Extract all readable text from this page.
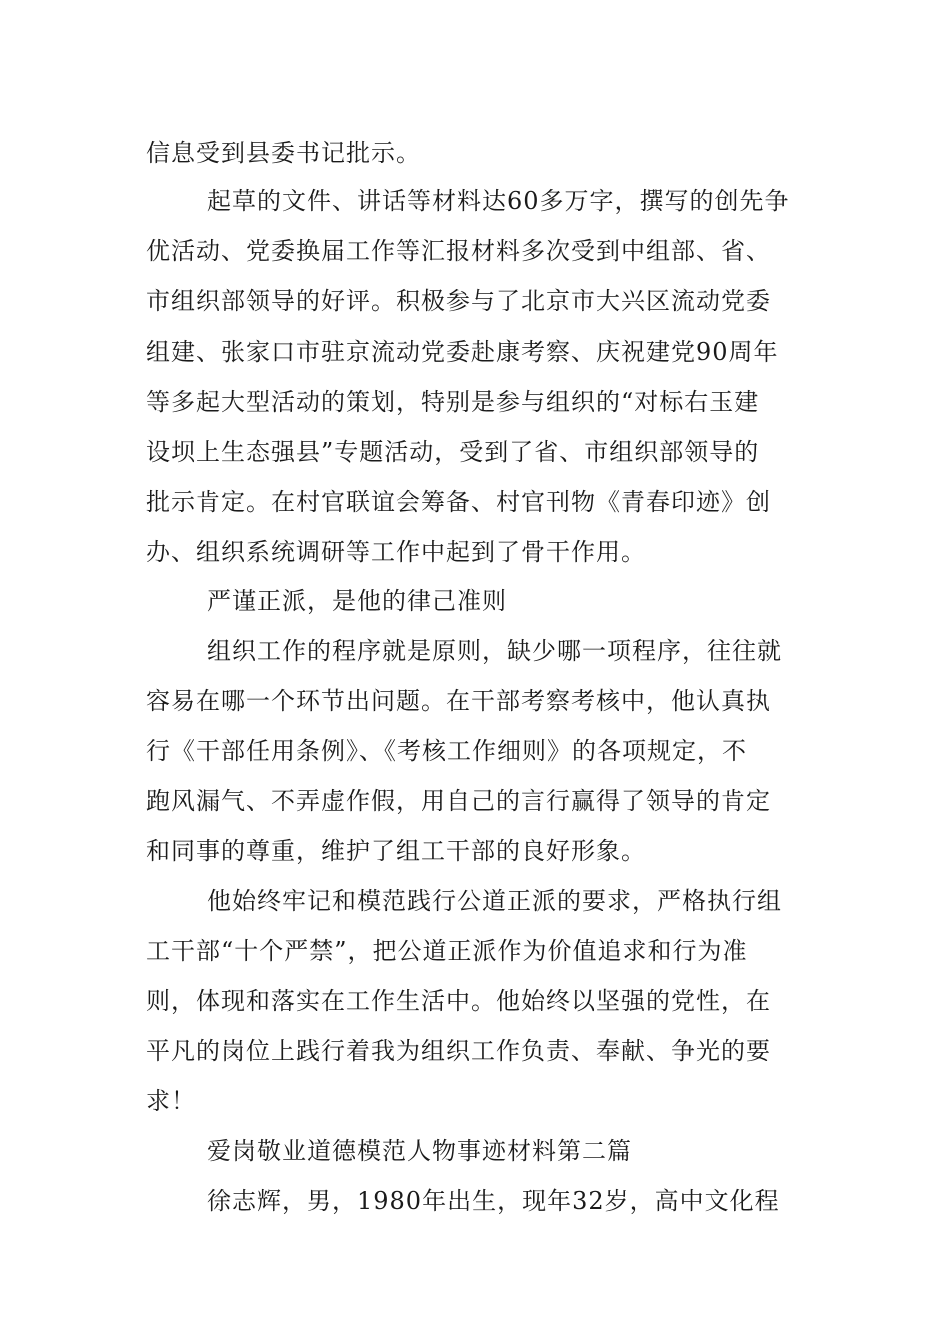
信息受到县委书记批示。
起草的文件、讲话等材料达60多万字，撰写的创先争
优活动、党委换届工作等汇报材料多次受到中组部、省、
市组织部领导的好评。积极参与了北京市大兴区流动党委
组建、张家口市驻京流动党委赴康考察、庆祝建党90周年
等多起大型活动的策划，特别是参与组织的“对标右玉建
设坝上生态强县”专题活动，受到了省、市组织部领导的
批示肯定。在村官联谊会筹备、村官刊物《青春印迹》创
办、组织系统调研等工作中起到了骨干作用。
严谨正派，是他的律己准则
组织工作的程序就是原则，缺少哪一项程序，往往就
容易在哪一个环节出问题。在干部考察考核中，他认真执
行《干部任用条例》、《考核工作细则》的各项规定，不
跑风漏气、不弄虚作假，用自己的言行赢得了领导的肯定
和同事的尊重，维护了组工干部的良好形象。
他始终牢记和模范践行公道正派的要求，严格执行组
工干部“十个严禁”，把公道正派作为价值追求和行为准
则，体现和落实在工作生活中。他始终以坚强的党性，在
平凡的岗位上践行着我为组织工作负责、奉献、争光的要
求！
爱岗敬业道德模范人物事迹材料第二篇
徐志辉，男，1980年出生，现年32岁，高中文化程
